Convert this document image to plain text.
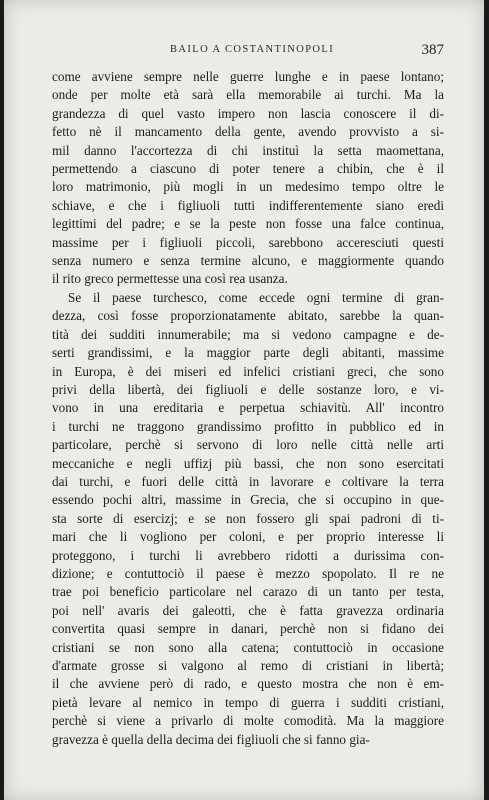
BAILO A COSTANTINOPOLI	387
come avviene sempre nelle guerre lunghe e in paese lontano;
onde per molte età sarà ella memorabile ai turchi. Ma la
grandezza di quel vasto impero non lascia conoscere il di-
fetto nè il mancamento della gente, avendo provvisto a si-
mil danno l'accortezza di chi instituì la setta maomettana,
permettendo a ciascuno di poter tenere a chibin, che è il
loro matrimonio, più mogli in un medesimo tempo oltre le
schiave, e che i figliuoli tutti indifferentemente siano eredi
legittimi del padre; e se la peste non fosse una falce continua,
massime per i figliuoli piccoli, sarebbono acceresciuti questi
senza numero e senza termine alcuno, e maggiormente quando
il rito greco permettesse una così rea usanza.
Se il paese turchesco, come eccede ogni termine di gran-
dezza, così fosse proporzionatamente abitato, sarebbe la quan-
tità dei sudditi innumerabile; ma si vedono campagne e de-
serti grandissimi, e la maggior parte degli abitanti, massime
in Europa, è dei miseri ed infelici cristiani greci, che sono
privi della libertà, dei figliuoli e delle sostanze loro, e vi-
vono in una ereditaria e perpetua schiavitù. All' incontro
i turchi ne traggono grandissimo profitto in pubblico ed in
particolare, perchè si servono di loro nelle città nelle arti
meccaniche e negli uffizj più bassi, che non sono esercitati
dai turchi, e fuori delle città in lavorare e coltivare la terra
essendo pochi altri, massime in Grecia, che si occupino in que-
sta sorte di esercizj; e se non fossero gli spai padroni di ti-
mari che li vogliono per coloni, e per proprio interesse li
proteggono, i turchi li avrebbero ridotti a durissima con-
dizione; e contuttociò il paese è mezzo spopolato. Il re ne
trae poi beneficio particolare nel carazo di un tanto per testa,
poi nell' avaris dei galeotti, che è fatta gravezza ordinaria
convertita quasi sempre in danari, perchè non si fidano dei
cristiani se non sono alla catena; contuttociò in occasione
d'armate grosse si valgono al remo di cristiani in libertà;
il che avviene però di rado, e questo mostra che non è em-
pietà levare al nemico in tempo di guerra i sudditi cristiani,
perchè si viene a privarlo di molte comodità. Ma la maggiore
gravezza è quella della decima dei figliuoli che si fanno gia-
